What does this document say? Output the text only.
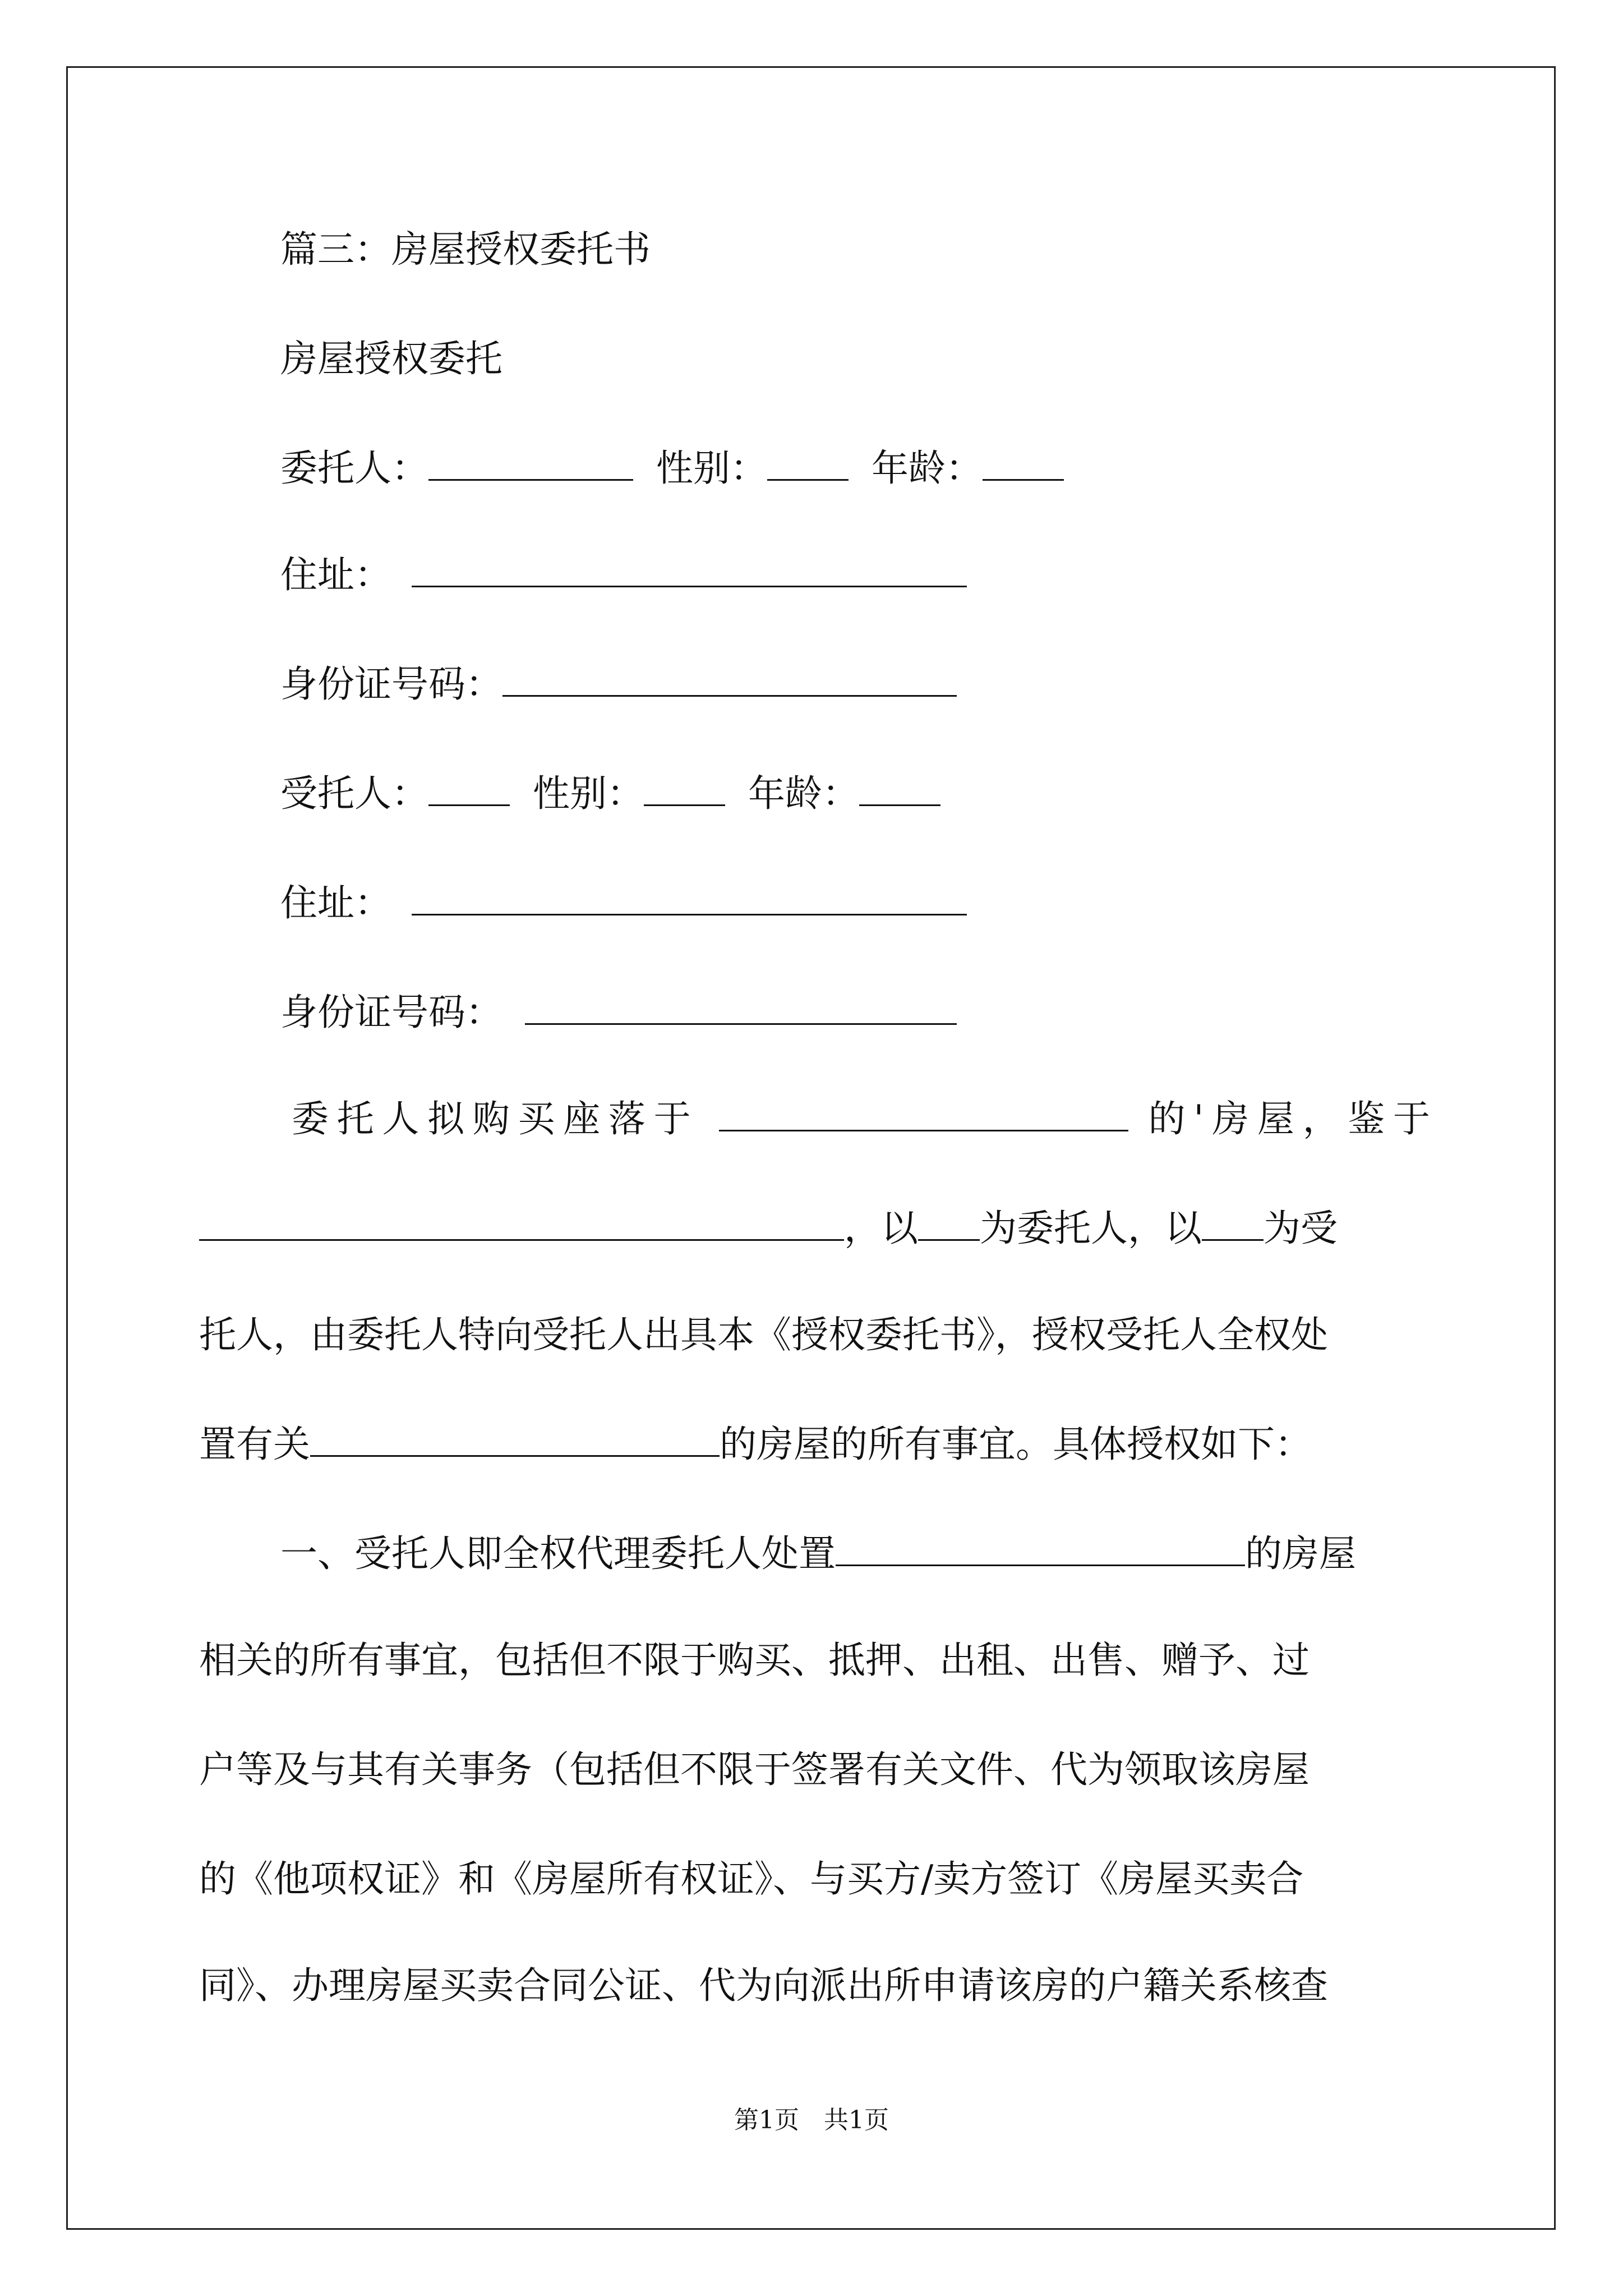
篇三：房屋授权委托书
房屋授权委托
委托人：	性别：	年龄：
住址：
身份证号码：
受托人：	性别：	年龄：
住址：
身份证号码：
委托人拟购买座落于	的'房屋，鉴于
，以 为委托人，以 为受
托人，由委托人特向受托人出具本《授权委托书》，授权受托人全权处
置有关	的房屋的所有事宜。具体授权如下：
一、受托人即全权代理委托人处置	的房屋
相关的所有事宜，包括但不限于购买、抵押、出租、出售、赠予、过
户等及与其有关事务（包括但不限于签署有关文件、代为领取该房屋
的《他项权证》和《房屋所有权证》、与买方/卖方签订《房屋买卖合
同》、办理房屋买卖合同公证、代为向派出所申请该房的户籍关系核查
第1页　共1页
